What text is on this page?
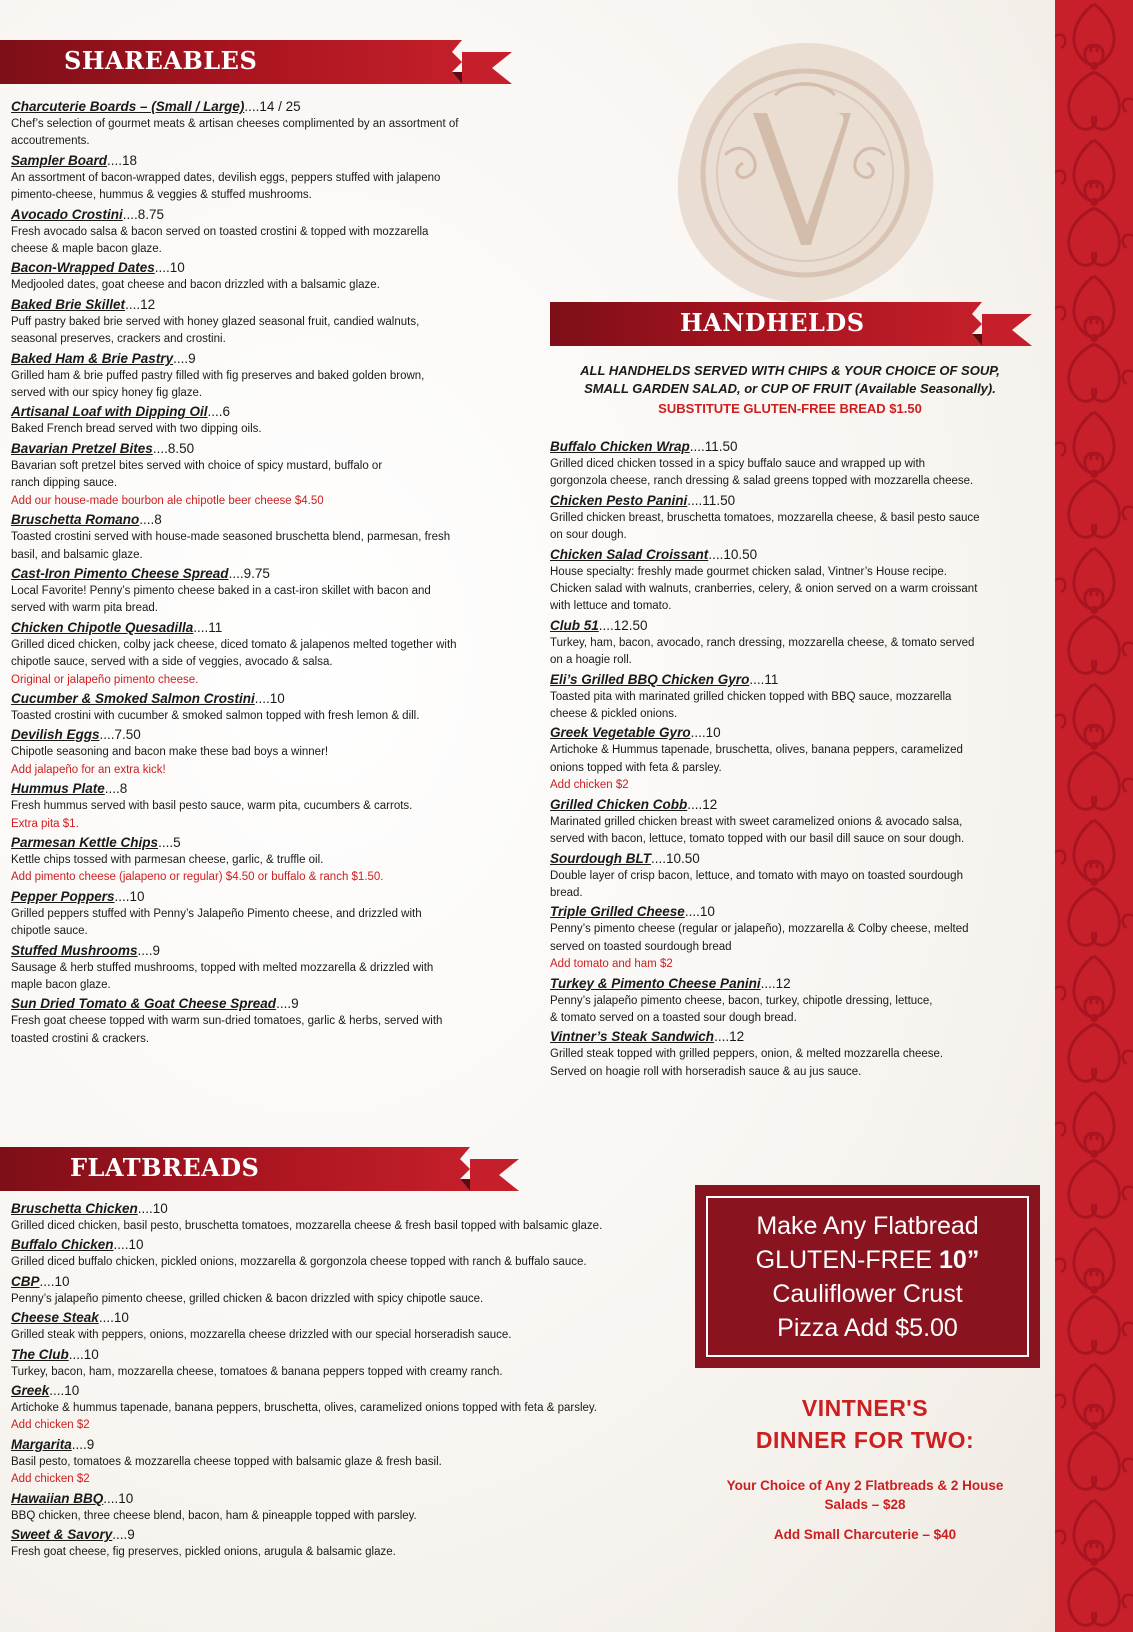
SHAREABLES
HANDHELDS
FLATBREADS
Charcuterie Boards – (Small / Large)....14 / 25
Chef’s selection of gourmet meats & artisan cheeses complimented by an assortment of
accoutrements.
Sampler Board....18
An assortment of bacon-wrapped dates, devilish eggs, peppers stuffed with jalapeno
pimento-cheese, hummus & veggies & stuffed mushrooms.
Avocado Crostini....8.75
Fresh avocado salsa & bacon served on toasted crostini & topped with mozzarella
cheese & maple bacon glaze.
Bacon-Wrapped Dates....10
Medjooled dates, goat cheese and bacon drizzled with a balsamic glaze.
Baked Brie Skillet....12
Puff pastry baked brie served with honey glazed seasonal fruit, candied walnuts,
seasonal preserves, crackers and crostini.
Baked Ham & Brie Pastry....9
Grilled ham & brie puffed pastry filled with fig preserves and baked golden brown,
served with our spicy honey fig glaze.
Artisanal Loaf with Dipping Oil....6
Baked French bread served with two dipping oils.
Bavarian Pretzel Bites....8.50
Bavarian soft pretzel bites served with choice of spicy mustard, buffalo or
ranch dipping sauce.
Add our house-made bourbon ale chipotle beer cheese $4.50
Bruschetta Romano....8
Toasted crostini served with house-made seasoned bruschetta blend, parmesan, fresh
basil, and balsamic glaze.
Cast-Iron Pimento Cheese Spread....9.75
Local Favorite! Penny’s pimento cheese baked in a cast-iron skillet with bacon and
served with warm pita bread.
Chicken Chipotle Quesadilla....11
Grilled diced chicken, colby jack cheese, diced tomato & jalapenos melted together with
chipotle sauce, served with a side of veggies, avocado & salsa.
Original or jalapeño pimento cheese.
Cucumber & Smoked Salmon Crostini....10
Toasted crostini with cucumber & smoked salmon topped with fresh lemon & dill.
Devilish Eggs....7.50
Chipotle seasoning and bacon make these bad boys a winner!
Add jalapeño for an extra kick!
Hummus Plate....8
Fresh hummus served with basil pesto sauce, warm pita, cucumbers & carrots.
Extra pita $1.
Parmesan Kettle Chips....5
Kettle chips tossed with parmesan cheese, garlic, & truffle oil.
Add pimento cheese (jalapeno or regular) $4.50 or buffalo & ranch $1.50.
Pepper Poppers....10
Grilled peppers stuffed with Penny’s Jalapeño Pimento cheese, and drizzled with
chipotle sauce.
Stuffed Mushrooms....9
Sausage & herb stuffed mushrooms, topped with melted mozzarella & drizzled with
maple bacon glaze.
Sun Dried Tomato & Goat Cheese Spread....9
Fresh goat cheese topped with warm sun-dried tomatoes, garlic & herbs, served with
toasted crostini & crackers.
ALL HANDHELDS SERVED WITH CHIPS & YOUR CHOICE OF SOUP,
SMALL GARDEN SALAD, or CUP OF FRUIT (Available Seasonally).
SUBSTITUTE GLUTEN-FREE BREAD $1.50
Buffalo Chicken Wrap....11.50
Grilled diced chicken tossed in a spicy buffalo sauce and wrapped up with
gorgonzola cheese, ranch dressing & salad greens topped with mozzarella cheese.
Chicken Pesto Panini....11.50
Grilled chicken breast, bruschetta tomatoes, mozzarella cheese, & basil pesto sauce
on sour dough.
Chicken Salad Croissant....10.50
House specialty: freshly made gourmet chicken salad, Vintner’s House recipe.
Chicken salad with walnuts, cranberries, celery, & onion served on a warm croissant
with lettuce and tomato.
Club 51....12.50
Turkey, ham, bacon, avocado, ranch dressing, mozzarella cheese, & tomato served
on a hoagie roll.
Eli’s Grilled BBQ Chicken Gyro....11
Toasted pita with marinated grilled chicken topped with BBQ sauce, mozzarella
cheese & pickled onions.
Greek Vegetable Gyro....10
Artichoke & Hummus tapenade, bruschetta, olives, banana peppers, caramelized
onions topped with feta & parsley.
Add chicken $2
Grilled Chicken Cobb....12
Marinated grilled chicken breast with sweet caramelized onions & avocado salsa,
served with bacon, lettuce, tomato topped with our basil dill sauce on sour dough.
Sourdough BLT....10.50
Double layer of crisp bacon, lettuce, and tomato with mayo on toasted sourdough
bread.
Triple Grilled Cheese....10
Penny’s pimento cheese (regular or jalapeño), mozzarella & Colby cheese, melted
served on toasted sourdough bread
Add tomato and ham $2
Turkey & Pimento Cheese Panini....12
Penny’s jalapeño pimento cheese, bacon, turkey, chipotle dressing, lettuce,
& tomato served on a toasted sour dough bread.
Vintner’s Steak Sandwich....12
Grilled steak topped with grilled peppers, onion, & melted mozzarella cheese.
Served on hoagie roll with horseradish sauce & au jus sauce.
Bruschetta Chicken....10
Grilled diced chicken, basil pesto, bruschetta tomatoes, mozzarella cheese & fresh basil topped with balsamic glaze.
Buffalo Chicken....10
Grilled diced buffalo chicken, pickled onions, mozzarella & gorgonzola cheese topped with ranch & buffalo sauce.
CBP....10
Penny’s jalapeño pimento cheese, grilled chicken & bacon drizzled with spicy chipotle sauce.
Cheese Steak....10
Grilled steak with peppers, onions, mozzarella cheese drizzled with our special horseradish sauce.
The Club....10
Turkey, bacon, ham, mozzarella cheese, tomatoes & banana peppers topped with creamy ranch.
Greek....10
Artichoke & hummus tapenade, banana peppers, bruschetta, olives, caramelized onions topped with feta & parsley.
Add chicken $2
Margarita....9
Basil pesto, tomatoes & mozzarella cheese topped with balsamic glaze & fresh basil.
Add chicken $2
Hawaiian BBQ....10
BBQ chicken, three cheese blend, bacon, ham & pineapple topped with parsley.
Sweet & Savory....9
Fresh goat cheese, fig preserves, pickled onions, arugula & balsamic glaze.
Make Any Flatbread
GLUTEN-FREE 10”
Cauliflower Crust
Pizza Add $5.00
VINTNER'S
DINNER FOR TWO:
Your Choice of Any 2 Flatbreads & 2 House
Salads – $28
Add Small Charcuterie – $40
